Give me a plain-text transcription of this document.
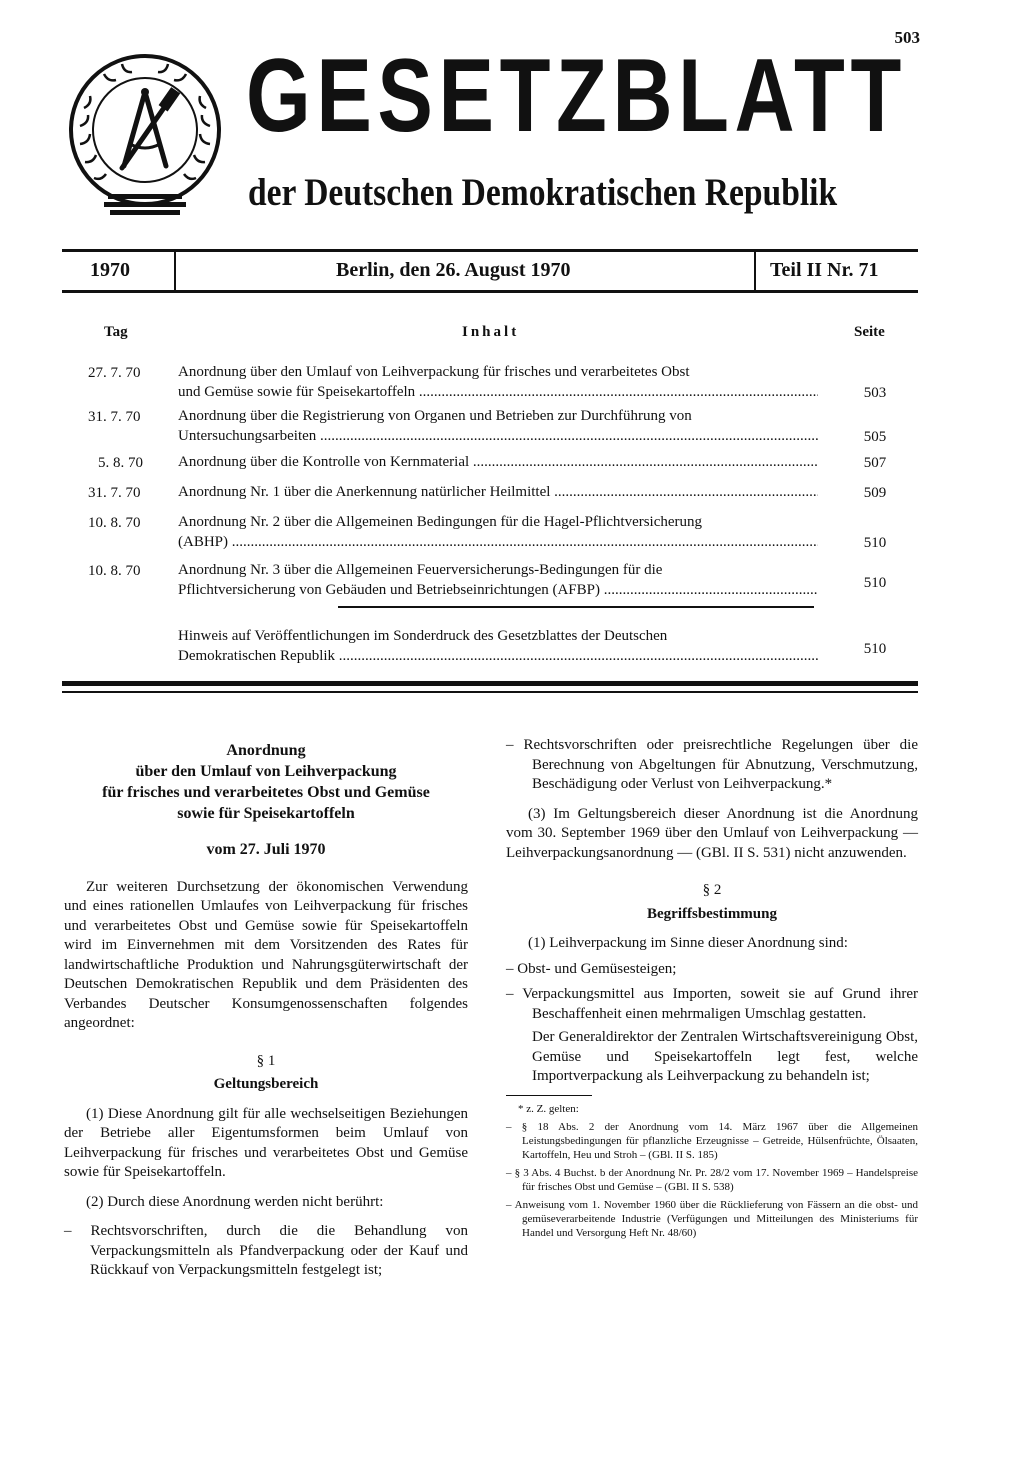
503
GESETZBLATT
der Deutschen Demokratischen Republik
1970	Berlin, den 26. August 1970	Teil II Nr. 71
Tag	Inhalt	Seite
27. 7. 70	Anordnung über den Umlauf von Leihverpackung für frisches und verarbeitetes Obst
und Gemüse sowie für Speisekartoffeln .....	503
31. 7. 70	Anordnung über die Registrierung von Organen und Betrieben zur Durchführung von
Untersuchungsarbeiten .....	505
5. 8. 70	Anordnung über die Kontrolle von Kernmaterial .....	507
31. 7. 70	Anordnung Nr. 1 über die Anerkennung natürlicher Heilmittel .....	509
10. 8. 70	Anordnung Nr. 2 über die Allgemeinen Bedingungen für die Hagel-Pflichtversicherung
(ABHP) .....	510
10. 8. 70	Anordnung Nr. 3 über die Allgemeinen Feuerversicherungs-Bedingungen für die
Pflichtversicherung von Gebäuden und Betriebseinrichtungen (AFBP) .....	510
Hinweis auf Veröffentlichungen im Sonderdruck des Gesetzblattes der Deutschen
Demokratischen Republik .....	510
Anordnung
über den Umlauf von Leihverpackung
für frisches und verarbeitetes Obst und Gemüse
sowie für Speisekartoffeln
vom 27. Juli 1970

Zur weiteren Durchsetzung der ökonomischen Verwendung und eines rationellen Umlaufes von Leihverpackung für frisches und verarbeitetes Obst und Gemüse sowie für Speisekartoffeln wird im Einvernehmen mit dem Vorsitzenden des Rates für landwirtschaftliche Produktion und Nahrungsgüterwirtschaft der Deutschen Demokratischen Republik und dem Präsidenten des Verbandes Deutscher Konsumgenossenschaften folgendes angeordnet:

§ 1
Geltungsbereich

(1) Diese Anordnung gilt für alle wechselseitigen Beziehungen der Betriebe aller Eigentumsformen beim Umlauf von Leihverpackung für frisches und verarbeitetes Obst und Gemüse sowie für Speisekartoffeln.

(2) Durch diese Anordnung werden nicht berührt:

– Rechtsvorschriften, durch die die Behandlung von Verpackungsmitteln als Pfandverpackung oder der Kauf und Rückkauf von Verpackungsmitteln festgelegt ist;

– Rechtsvorschriften oder preisrechtliche Regelungen über die Berechnung von Abgeltungen für Abnutzung, Verschmutzung, Beschädigung oder Verlust von Leihverpackung.*

(3) Im Geltungsbereich dieser Anordnung ist die Anordnung vom 30. September 1969 über den Umlauf von Leihverpackung — Leihverpackungsanordnung — (GBl. II S. 531) nicht anzuwenden.

§ 2
Begriffsbestimmung

(1) Leihverpackung im Sinne dieser Anordnung sind:

– Obst- und Gemüsesteigen;

– Verpackungsmittel aus Importen, soweit sie auf Grund ihrer Beschaffenheit einen mehrmaligen Umschlag gestatten.

Der Generaldirektor der Zentralen Wirtschaftsvereinigung Obst, Gemüse und Speisekartoffeln legt fest, welche Importverpackung als Leihverpackung zu behandeln ist;

* z. Z. gelten:

– § 18 Abs. 2 der Anordnung vom 14. März 1967 über die Allgemeinen Leistungsbedingungen für pflanzliche Erzeugnisse – Getreide, Hülsenfrüchte, Ölsaaten, Kartoffeln, Heu und Stroh – (GBl. II S. 185)

– § 3 Abs. 4 Buchst. b der Anordnung Nr. Pr. 28/2 vom 17. November 1969 – Handelspreise für frisches Obst und Gemüse – (GBl. II S. 538)

– Anweisung vom 1. November 1960 über die Rücklieferung von Fässern an die obst- und gemüseverarbeitende Industrie (Verfügungen und Mitteilungen des Ministeriums für Handel und Versorgung Heft Nr. 48/60)
